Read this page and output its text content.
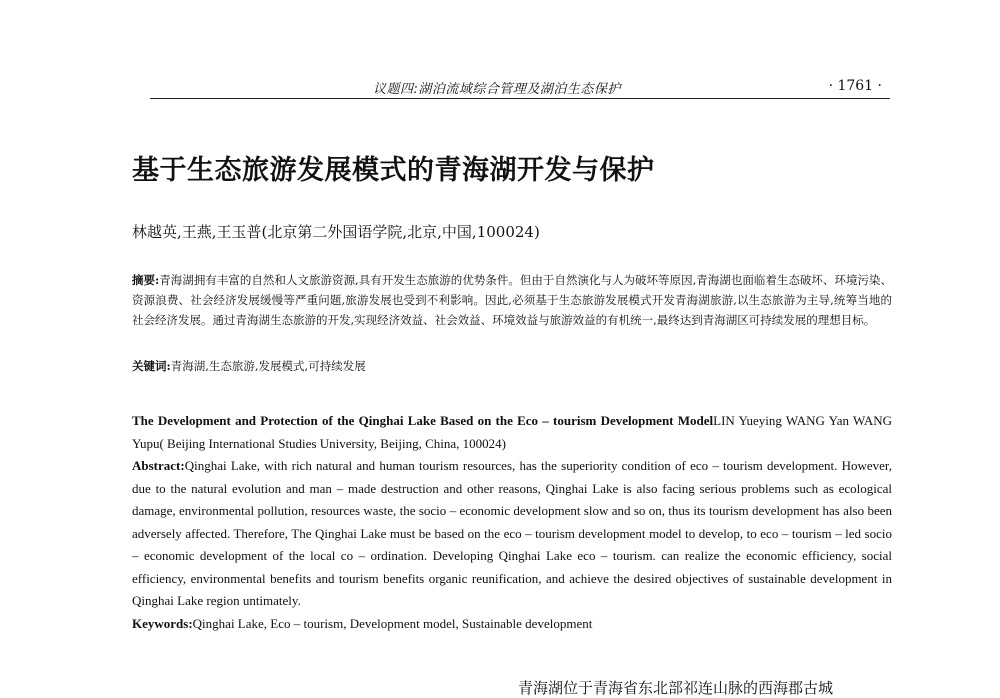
议题四:湖泊流域综合管理及湖泊生态保护	· 1761 ·
基于生态旅游发展模式的青海湖开发与保护
林越英,王燕,王玉普(北京第二外国语学院,北京,中国,100024)
摘要:青海湖拥有丰富的自然和人文旅游资源,具有开发生态旅游的优势条件。但由于自然演化与人为破坏等原因,青海湖也面临着生态破坏、环境污染、资源浪费、社会经济发展缓慢等严重问题,旅游发展也受到不利影响。因此,必须基于生态旅游发展模式开发青海湖旅游,以生态旅游为主导,统筹当地的社会经济发展。通过青海湖生态旅游的开发,实现经济效益、社会效益、环境效益与旅游效益的有机统一,最终达到青海湖区可持续发展的理想目标。
关键词:青海湖,生态旅游,发展模式,可持续发展
The Development and Protection of the Qinghai Lake Based on the Eco – tourism Development ModelLIN Yueying WANG Yan WANG Yupu( Beijing International Studies University, Beijing, China, 100024)
Abstract:Qinghai Lake, with rich natural and human tourism resources, has the superiority condition of eco – tourism development. However, due to the natural evolution and man – made destruction and other reasons, Qinghai Lake is also facing serious problems such as ecological damage, environmental pollution, resources waste, the socio – economic development slow and so on, thus its tourism development has also been adversely affected. Therefore, The Qinghai Lake must be based on the eco – tourism development model to develop, to eco – tourism – led socio – economic development of the local co – ordination. Developing Qinghai Lake eco – tourism. can realize the economic efficiency, social efficiency, environmental benefits and tourism benefits organic reunification, and achieve the desired objectives of sustainable development in Qinghai Lake region untimately.
Keywords:Qinghai Lake, Eco – tourism, Development model, Sustainable development
青海湖位于青海省东北部祁连山脉的西海郡古城
